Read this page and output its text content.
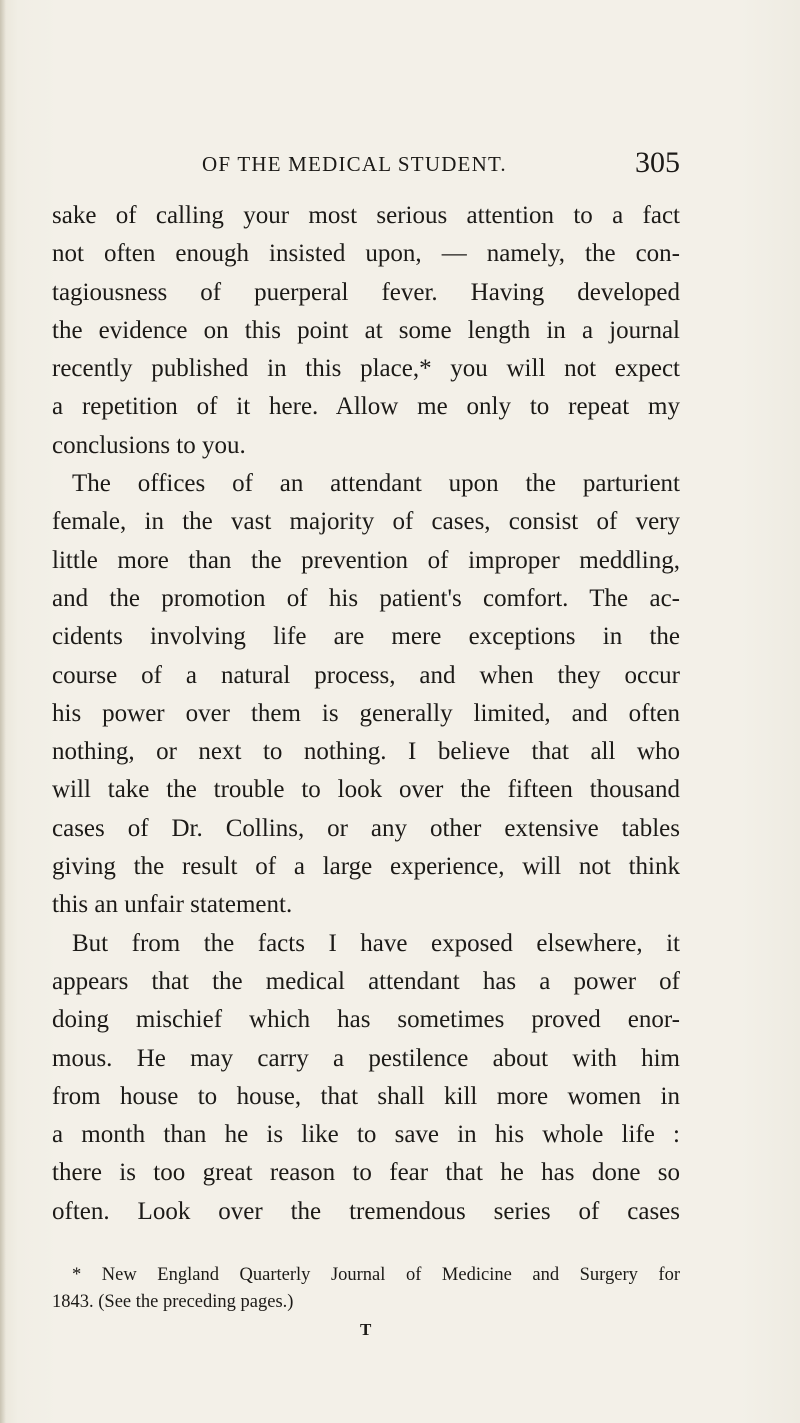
OF THE MEDICAL STUDENT.	305
sake of calling your most serious attention to a fact
not often enough insisted upon, — namely, the con-
tagiousness of puerperal fever. Having developed
the evidence on this point at some length in a journal
recently published in this place,* you will not expect
a repetition of it here. Allow me only to repeat my
conclusions to you.
The offices of an attendant upon the parturient
female, in the vast majority of cases, consist of very
little more than the prevention of improper meddling,
and the promotion of his patient's comfort. The ac-
cidents involving life are mere exceptions in the
course of a natural process, and when they occur
his power over them is generally limited, and often
nothing, or next to nothing. I believe that all who
will take the trouble to look over the fifteen thousand
cases of Dr. Collins, or any other extensive tables
giving the result of a large experience, will not think
this an unfair statement.
But from the facts I have exposed elsewhere, it
appears that the medical attendant has a power of
doing mischief which has sometimes proved enor-
mous. He may carry a pestilence about with him
from house to house, that shall kill more women in
a month than he is like to save in his whole life :
there is too great reason to fear that he has done so
often. Look over the tremendous series of cases
* New England Quarterly Journal of Medicine and Surgery for
1843. (See the preceding pages.)
T
